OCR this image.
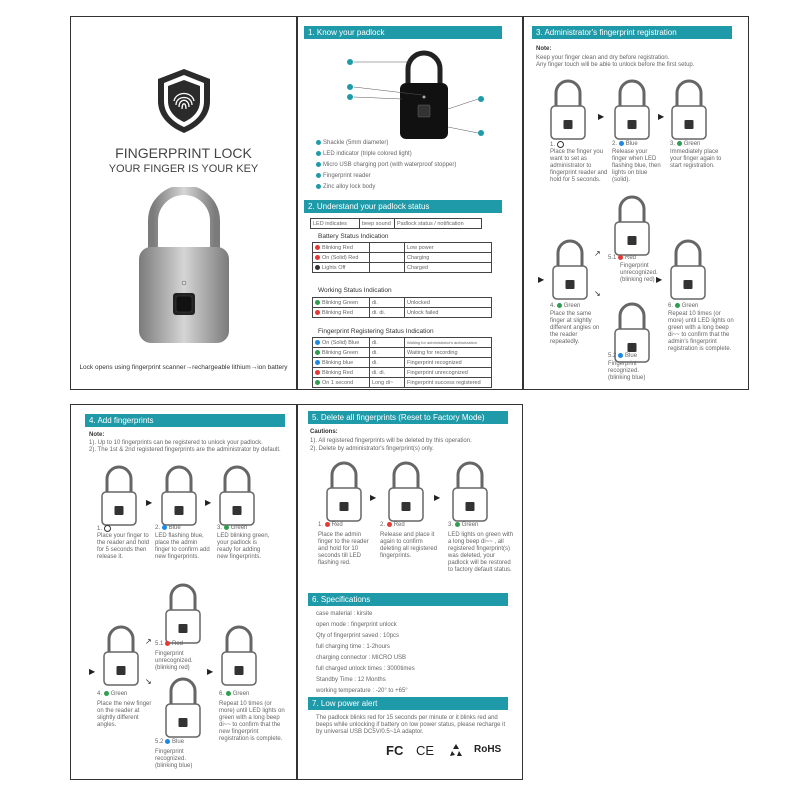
FINGERPRINT LOCK
YOUR FINGER IS YOUR KEY
Lock opens using fingerprint scanner→rechargeable lithium→ion battery
1. Know your padlock
Shackle (5mm diameter)
LED indicator (triple colored light)
Micro USB charging port (with waterproof stopper)
Fingerprint reader
Zinc alloy lock body
2. Understand your padlock status
LED indicates	beep sound	Padlock status / notification
Battery Status Indication
Blinking Red		Low power
On (Solid) Red		Charging
Lights Off		Charged
Working Status Indication
Blinking Green	di.	Unlocked
Blinking Red	di. di.	Unlock failed
Fingerprint Registering Status Indication
On (Solid) Blue	di.	Waiting for administrator's authorization
Blinking Green	di.	Waiting for recording
Blinking blue	di.	Fingerprint recognized
Blinking Red	di. di.	Fingerprint unrecognized
On 1 second	Long di~	Fingerprint success registered
3. Administrator's fingerprint registration
Note:
Keep your finger clean and dry before registration.
Any finger touch will be able to unlock before the first setup.
▶	▶
1.
Place the finger you want to set as administrator to fingerprint reader and hold for 5 seconds.
2. Blue
Release your finger when LED flashing blue, then lights on blue (solid).
3. Green
Immediately place your finger again to start registration.
▶
↗
↘
▶
4. Green
Place the same finger at slightly different angles on the reader repeatedly.
5.1 Red
Fingerprint unrecognized. (blinking red)
5.2 Blue
Fingerprint recognized. (blinking blue)
6. Green
Repeat 10 times (or more) until LED lights on green with a long beep di~~ to confirm that the admin's fingerprint registration is complete.
4. Add fingerprints
Note:
1). Up to 10 fingerprints can be registered to unlock your padlock.
2). The 1st & 2nd registered fingerprints are the administrator by default.
▶	▶
1.
Place your finger to the reader and hold for 5 seconds then release it.
2. Blue
LED flashing blue, place the admin finger to confirm add new fingerprints.
3. Green
LED blinking green, your padlock is ready for adding new fingerprints.
▶
↗
↘
▶
4. Green
Place the new finger on the reader at slightly different angles.
5.1 Red
Fingerprint unrecognized. (blinking red)
5.2 Blue
Fingerprint recognized. (blinking blue)
6. Green
Repeat 10 times (or more) until LED lights on green with a long beep di~~ to confirm that the new fingerprint registration is complete.
5. Delete all fingerprints (Reset to Factory Mode)
Cautions:
1). All registered fingerprints will be deleted by this operation.
2). Delete by administrator's fingerprint(s) only.
▶	▶
1. Red
Place the admin finger to the reader and hold for 10 seconds till LED flashing red.
2. Red
Release and place it again to confirm deleting all registered fingerprints.
3. Green
LED lights on green with a long beep di~~ , all registered fingerprint(s) was deleted, your padlock will be restored to factory default status.
6. Specifications
case material : kirsite
open mode : fingerprint unlock
Qty of fingerprint saved : 10pcs
full charging time : 1-2hours
charging connector : MICRO USB
full charged unlock times : 3000times
Standby Time : 12 Months
working temperature : -20° to +65°
7. Low power alert
The padlock blinks red for 15 seconds per minute or it blinks red and beeps while unlocking if battery on low power status, please recharge it by universal USB DC5V/0.5~1A adaptor.
FC CE	RoHS
